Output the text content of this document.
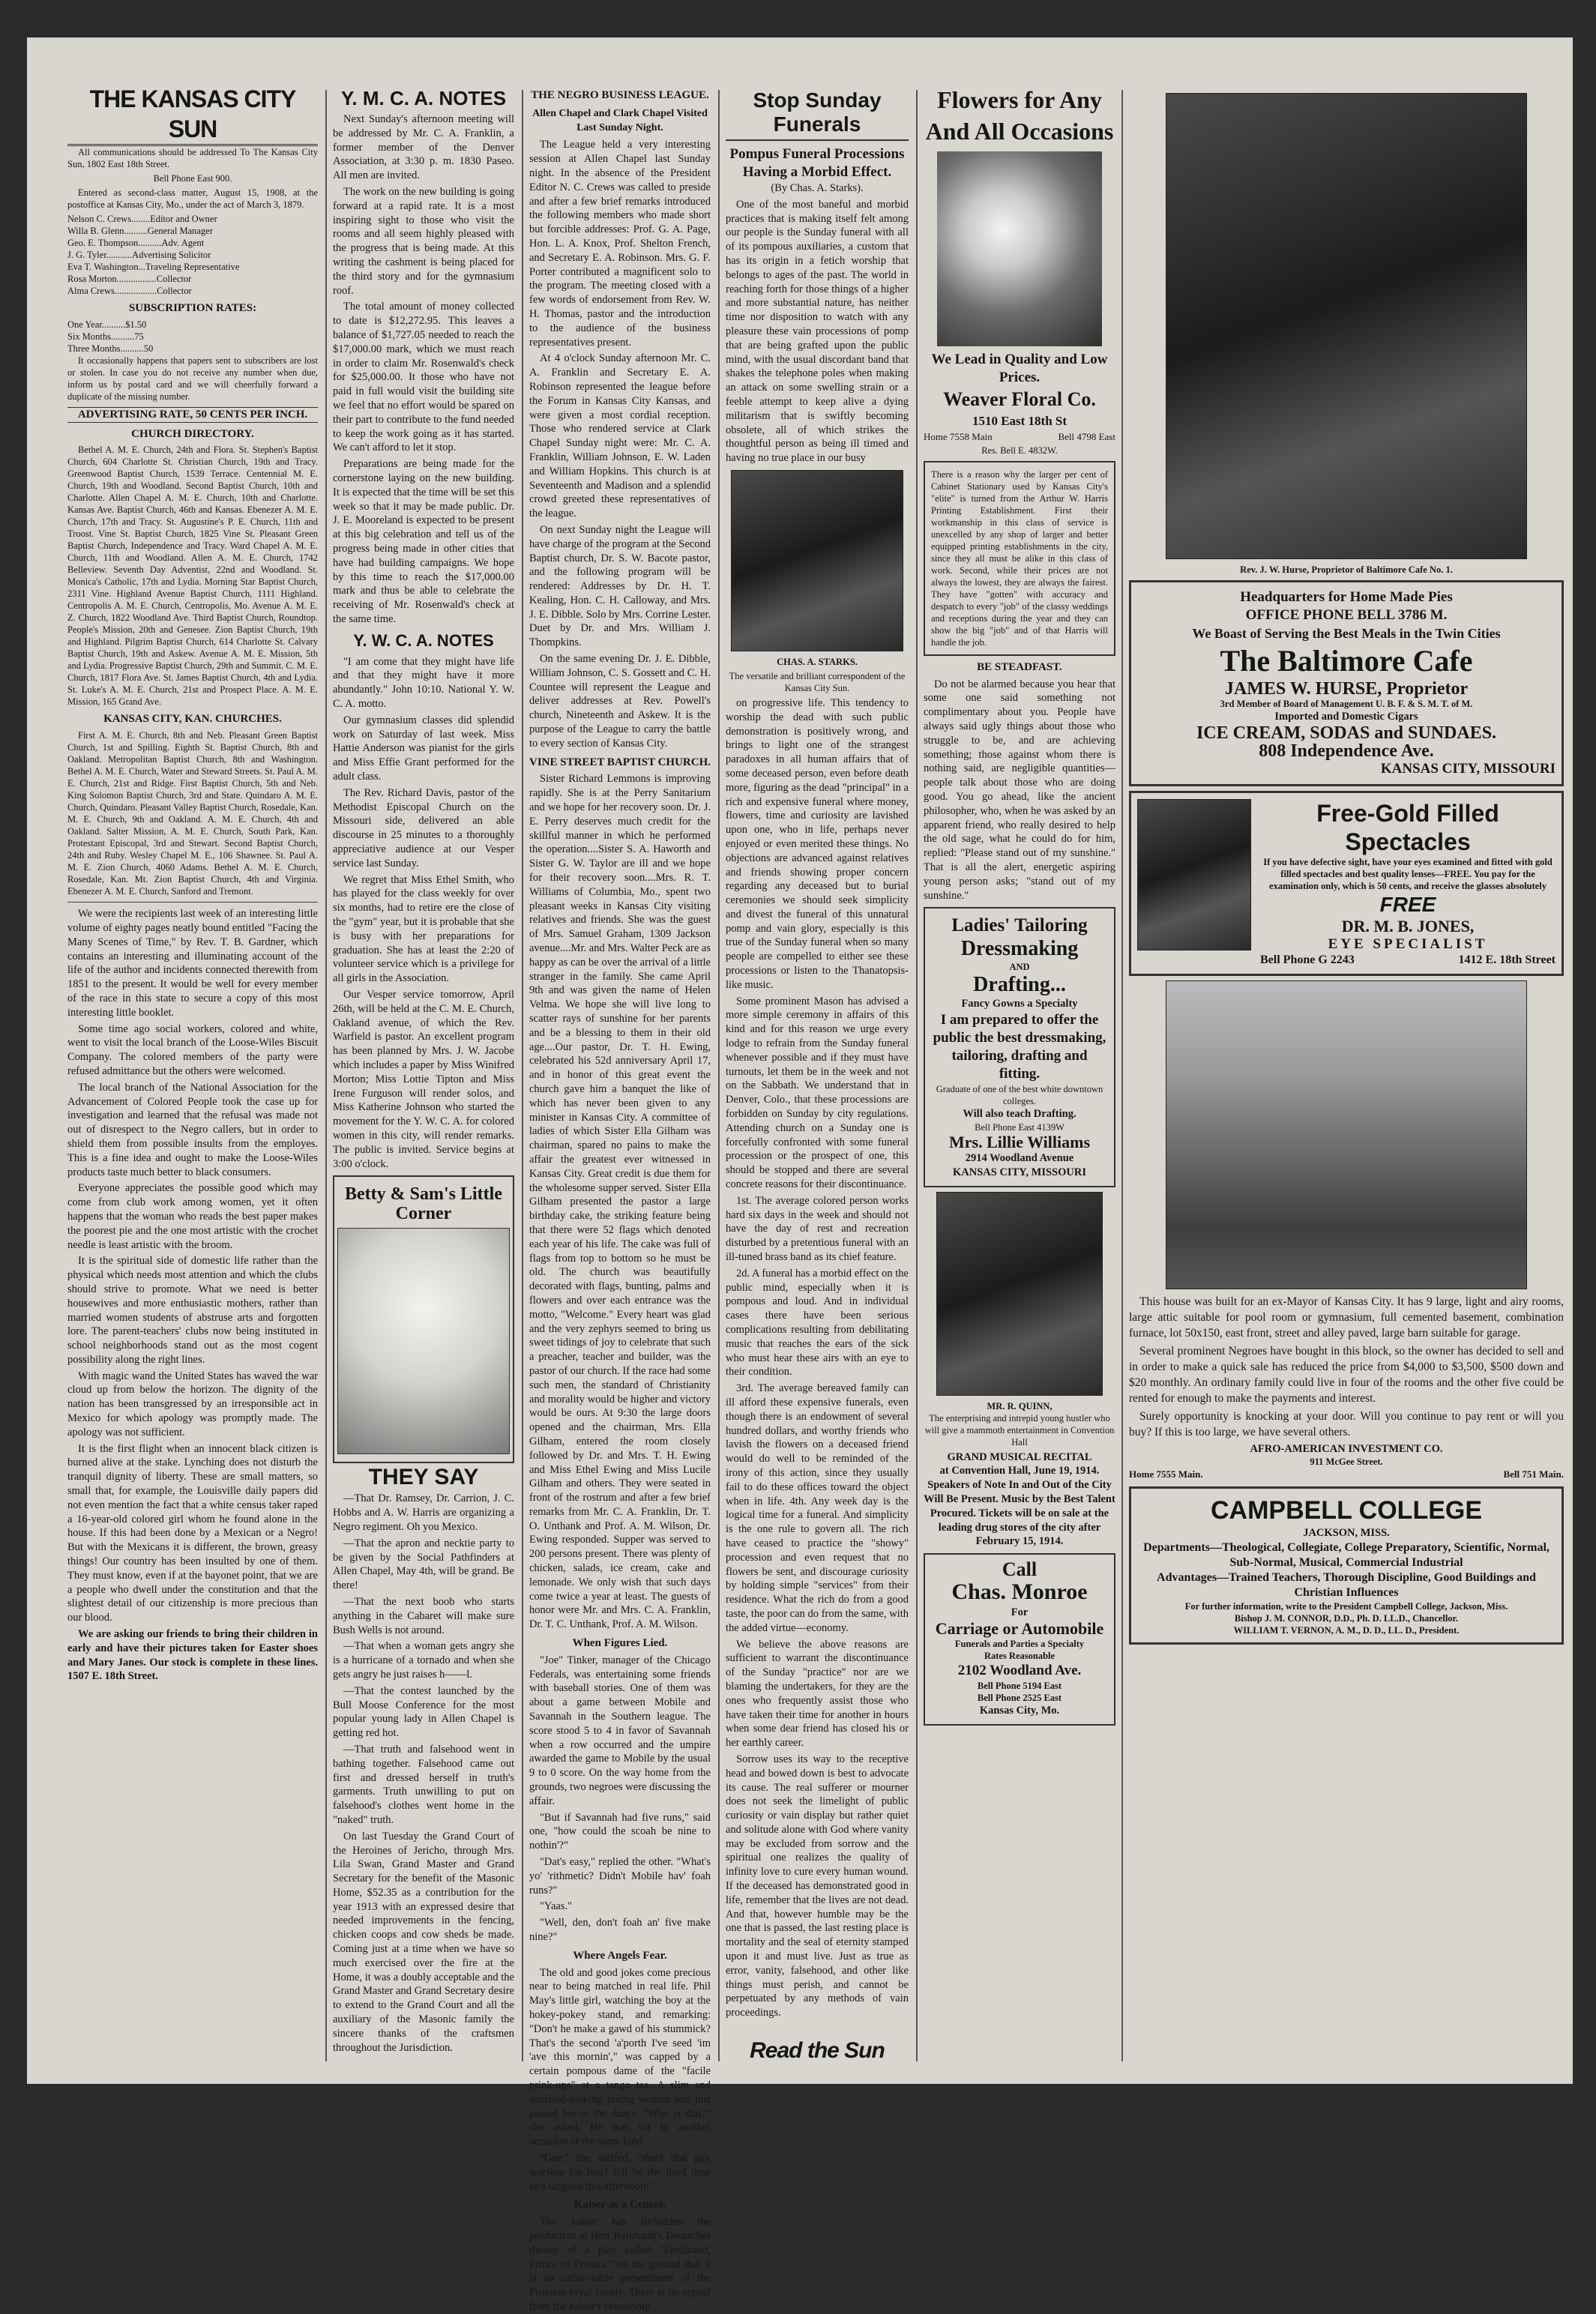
THE KANSAS CITY SUN

All communications should be addressed To The Kansas City Sun, 1802 East 18th Street.

Bell Phone East 900.

Entered as second-class matter, August 15, 1908, at the postoffice at Kansas City, Mo., under the act of March 3, 1879.

Nelson C. Crews........Editor and Owner
Willa B. Glenn..........General Manager
Geo. E. Thompson..........Adv. Agent
J. G. Tyler...........Advertising Solicitor
Eva T. Washington...Traveling Representative
Rosa Morton.................Collector
Alma Crews..................Collector
SUBSCRIPTION RATES:
One Year..........$1.50
Six Months..........75
Three Months..........50

It occasionally happens that papers sent to subscribers are lost or stolen. In case you do not receive any number when due, inform us by postal card and we will cheerfully forward a duplicate of the missing number.

ADVERTISING RATE, 50 CENTS PER INCH.
CHURCH DIRECTORY.

Bethel A. M. E. Church, 24th and Flora. St. Stephen's Baptist Church, 604 Charlotte St. Christian Church, 19th and Tracy. Greenwood Baptist Church, 1539 Terrace. Centennial M. E. Church, 19th and Woodland. Second Baptist Church, 10th and Charlotte. Allen Chapel A. M. E. Church, 10th and Charlotte. Kansas Ave. Baptist Church, 46th and Kansas. Ebenezer A. M. E. Church, 17th and Tracy. St. Augustine's P. E. Church, 11th and Troost. Vine St. Baptist Church, 1825 Vine St. Pleasant Green Baptist Church, Independence and Tracy. Ward Chapel A. M. E. Church, 11th and Woodland. Allen A. M. E. Church, 1742 Belleview. Seventh Day Adventist, 22nd and Woodland. St. Monica's Catholic, 17th and Lydia. Morning Star Baptist Church, 2311 Vine. Highland Avenue Baptist Church, 1111 Highland. Centropolis A. M. E. Church, Centropolis, Mo. Avenue A. M. E. Z. Church, 1822 Woodland Ave. Third Baptist Church, Roundtop. People's Mission, 20th and Genesee. Zion Baptist Church, 19th and Highland. Pilgrim Baptist Church, 614 Charlotte St. Calvary Baptist Church, 19th and Askew. Avenue A. M. E. Mission, 5th and Lydia. Progressive Baptist Church, 29th and Summit. C. M. E. Church, 1817 Flora Ave. St. James Baptist Church, 4th and Lydia. St. Luke's A. M. E. Church, 21st and Prospect Place. A. M. E. Mission, 165 Grand Ave.

KANSAS CITY, KAN. CHURCHES.

First A. M. E. Church, 8th and Neb. Pleasant Green Baptist Church, 1st and Spilling. Eighth St. Baptist Church, 8th and Oakland. Metropolitan Baptist Church, 8th and Washington. Bethel A. M. E. Church, Water and Steward Streets. St. Paul A. M. E. Church, 21st and Ridge. First Baptist Church, 5th and Neb. King Solomon Baptist Church, 3rd and State. Quindaro A. M. E. Church, Quindaro. Pleasant Valley Baptist Church, Rosedale, Kan. M. E. Church, 9th and Oakland. A. M. E. Church, 4th and Oakland. Salter Mission, A. M. E. Church, South Park, Kan. Protestant Episcopal, 3rd and Stewart. Second Baptist Church, 24th and Ruby. Wesley Chapel M. E., 106 Shawnee. St. Paul A. M. E. Zion Church, 4060 Adams. Bethel A. M. E. Church, Rosedale, Kan. Mt. Zion Baptist Church, 4th and Virginia. Ebenezer A. M. E. Church, Sanford and Tremont.

We were the recipients last week of an interesting little volume of eighty pages neatly bound entitled "Facing the Many Scenes of Time," by Rev. T. B. Gardner, which contains an interesting and illuminating account of the life of the author and incidents connected therewith from 1851 to the present. It would be well for every member of the race in this state to secure a copy of this most interesting little booklet.

Some time ago social workers, colored and white, went to visit the local branch of the Loose-Wiles Biscuit Company. The colored members of the party were refused admittance but the others were welcomed.

The local branch of the National Association for the Advancement of Colored People took the case up for investigation and learned that the refusal was made not out of disrespect to the Negro callers, but in order to shield them from possible insults from the employes. This is a fine idea and ought to make the Loose-Wiles products taste much better to black consumers.

Everyone appreciates the possible good which may come from club work among women, yet it often happens that the woman who reads the best paper makes the poorest pie and the one most artistic with the crochet needle is least artistic with the broom.

It is the spiritual side of domestic life rather than the physical which needs most attention and which the clubs should strive to promote. What we need is better housewives and more enthusiastic mothers, rather than married women students of abstruse arts and forgotten lore. The parent-teachers' clubs now being instituted in school neighborhoods stand out as the most cogent possibility along the right lines.

With magic wand the United States has waved the war cloud up from below the horizon. The dignity of the nation has been transgressed by an irresponsible act in Mexico for which apology was promptly made. The apology was not sufficient.

It is the first flight when an innocent black citizen is burned alive at the stake. Lynching does not disturb the tranquil dignity of liberty. These are small matters, so small that, for example, the Louisville daily papers did not even mention the fact that a white census taker raped a 16-year-old colored girl whom he found alone in the house. If this had been done by a Mexican or a Negro! But with the Mexicans it is different, the brown, greasy things! Our country has been insulted by one of them. They must know, even if at the bayonet point, that we are a people who dwell under the constitution and that the slightest detail of our citizenship is more precious than our blood.

We are asking our friends to bring their children in early and have their pictures taken for Easter shoes and Mary Janes. Our stock is complete in these lines. 1507 E. 18th Street.

Y. M. C. A. NOTES

Next Sunday's afternoon meeting will be addressed by Mr. C. A. Franklin, a former member of the Denver Association, at 3:30 p. m. 1830 Paseo. All men are invited.

The work on the new building is going forward at a rapid rate. It is a most inspiring sight to those who visit the rooms and all seem highly pleased with the progress that is being made. At this writing the cashment is being placed for the third story and for the gymnasium roof.

The total amount of money collected to date is $12,272.95. This leaves a balance of $1,727.05 needed to reach the $17,000.00 mark, which we must reach in order to claim Mr. Rosenwald's check for $25,000.00. It those who have not paid in full would visit the building site we feel that no effort would be spared on their part to contribute to the fund needed to keep the work going as it has started. We can't afford to let it stop.

Preparations are being made for the cornerstone laying on the new building. It is expected that the time will be set this week so that it may be made public. Dr. J. E. Mooreland is expected to be present at this big celebration and tell us of the progress being made in other cities that have had building campaigns. We hope by this time to reach the $17,000.00 mark and thus be able to celebrate the receiving of Mr. Rosenwald's check at the same time.

Y. W. C. A. NOTES

"I am come that they might have life and that they might have it more abundantly." John 10:10. National Y. W. C. A. motto.

Our gymnasium classes did splendid work on Saturday of last week. Miss Hattie Anderson was pianist for the girls and Miss Effie Grant performed for the adult class.

The Rev. Richard Davis, pastor of the Methodist Episcopal Church on the Missouri side, delivered an able discourse in 25 minutes to a thoroughly appreciative audience at our Vesper service last Sunday.

We regret that Miss Ethel Smith, who has played for the class weekly for over six months, had to retire ere the close of the "gym" year, but it is probable that she is busy with her preparations for graduation. She has at least the 2:20 of volunteer service which is a privilege for all girls in the Association.

Our Vesper service tomorrow, April 26th, will be held at the C. M. E. Church, Oakland avenue, of which the Rev. Warfield is pastor. An excellent program has been planned by Mrs. J. W. Jacobe which includes a paper by Miss Winifred Morton; Miss Lottie Tipton and Miss Irene Furguson will render solos, and Miss Katherine Johnson who started the movement for the Y. W. C. A. for colored women in this city, will render remarks. The public is invited. Service begins at 3:00 o'clock.

Betty & Sam's Little Corner
THEY SAY

—That Dr. Ramsey, Dr. Carrion, J. C. Hobbs and A. W. Harris are organizing a Negro regiment. Oh you Mexico.

—That the apron and necktie party to be given by the Social Pathfinders at Allen Chapel, May 4th, will be grand. Be there!

—That the next boob who starts anything in the Cabaret will make sure Bush Wells is not around.

—That when a woman gets angry she is a hurricane of a tornado and when she gets angry he just raises h——l.

—That the contest launched by the Bull Moose Conference for the most popular young lady in Allen Chapel is getting red hot.

—That truth and falsehood went in bathing together. Falsehood came out first and dressed herself in truth's garments. Truth unwilling to put on falsehood's clothes went home in the "naked" truth.

On last Tuesday the Grand Court of the Heroines of Jericho, through Mrs. Lila Swan, Grand Master and Grand Secretary for the benefit of the Masonic Home, $52.35 as a contribution for the year 1913 with an expressed desire that needed improvements in the fencing, chicken coops and cow sheds be made. Coming just at a time when we have so much exercised over the fire at the Home, it was a doubly acceptable and the Grand Master and Grand Secretary desire to extend to the Grand Court and all the auxiliary of the Masonic family the sincere thanks of the craftsmen throughout the Jurisdiction.

THE NEGRO BUSINESS LEAGUE.
Allen Chapel and Clark Chapel Visited Last Sunday Night.

The League held a very interesting session at Allen Chapel last Sunday night. In the absence of the President Editor N. C. Crews was called to preside and after a few brief remarks introduced the following members who made short but forcible addresses: Prof. G. A. Page, Hon. L. A. Knox, Prof. Shelton French, and Secretary E. A. Robinson. Mrs. G. F. Porter contributed a magnificent solo to the program. The meeting closed with a few words of endorsement from Rev. W. H. Thomas, pastor and the introduction to the audience of the business representatives present.

At 4 o'clock Sunday afternoon Mr. C. A. Franklin and Secretary E. A. Robinson represented the league before the Forum in Kansas City Kansas, and were given a most cordial reception. Those who rendered service at Clark Chapel Sunday night were: Mr. C. A. Franklin, William Johnson, E. W. Laden and William Hopkins. This church is at Seventeenth and Madison and a splendid crowd greeted these representatives of the league.

On next Sunday night the League will have charge of the program at the Second Baptist church, Dr. S. W. Bacote pastor, and the following program will be rendered: Addresses by Dr. H. T. Kealing, Hon. C. H. Calloway, and Mrs. J. E. Dibble. Solo by Mrs. Corrine Lester. Duet by Dr. and Mrs. William J. Thompkins.

On the same evening Dr. J. E. Dibble, William Johnson, C. S. Gossett and C. H. Countee will represent the League and deliver addresses at Rev. Powell's church, Nineteenth and Askew. It is the purpose of the League to carry the battle to every section of Kansas City.

VINE STREET BAPTIST CHURCH.

Sister Richard Lemmons is improving rapidly. She is at the Perry Sanitarium and we hope for her recovery soon. Dr. J. E. Perry deserves much credit for the skillful manner in which he performed the operation....Sister S. A. Haworth and Sister G. W. Taylor are ill and we hope for their recovery soon....Mrs. R. T. Williams of Columbia, Mo., spent two pleasant weeks in Kansas City visiting relatives and friends. She was the guest of Mrs. Samuel Graham, 1309 Jackson avenue....Mr. and Mrs. Walter Peck are as happy as can be over the arrival of a little stranger in the family. She came April 9th and was given the name of Helen Velma. We hope she will live long to scatter rays of sunshine for her parents and be a blessing to them in their old age....Our pastor, Dr. T. H. Ewing, celebrated his 52d anniversary April 17, and in honor of this great event the church gave him a banquet the like of which has never been given to any minister in Kansas City. A committee of ladies of which Sister Ella Gilham was chairman, spared no pains to make the affair the greatest ever witnessed in Kansas City. Great credit is due them for the wholesome supper served. Sister Ella Gilham presented the pastor a large birthday cake, the striking feature being that there were 52 flags which denoted each year of his life. The cake was full of flags from top to bottom so he must be old. The church was beautifully decorated with flags, bunting, palms and flowers and over each entrance was the motto, "Welcome." Every heart was glad and the very zephyrs seemed to bring us sweet tidings of joy to celebrate that such a preacher, teacher and builder, was the pastor of our church. If the race had some such men, the standard of Christianity and morality would be higher and victory would be ours. At 9:30 the large doors opened and the chairman, Mrs. Ella Gilham, entered the room closely followed by Dr. and Mrs. T. H. Ewing and Miss Ethel Ewing and Miss Lucile Gilham and others. They were seated in front of the rostrum and after a few brief remarks from Mr. C. A. Franklin, Dr. T. O. Unthank and Prof. A. M. Wilson, Dr. Ewing responded. Supper was served to 200 persons present. There was plenty of chicken, salads, ice cream, cake and lemonade. We only wish that such days come twice a year at least. The guests of honor were Mr. and Mrs. C. A. Franklin, Dr. T. C. Unthank, Prof. A. M. Wilson.

When Figures Lied.

"Joe" Tinker, manager of the Chicago Federals, was entertaining some friends with baseball stories. One of them was about a game between Mobile and Savannah in the Southern league. The score stood 5 to 4 in favor of Savannah when a row occurred and the umpire awarded the game to Mobile by the usual 9 to 0 score. On the way home from the grounds, two negroes were discussing the affair.

"But if Savannah had five runs," said one, "how could the scoah be nine to nothin'?"

"Dat's easy," replied the other. "What's yo' 'rithmetic? Didn't Mobile hav' foah runs?"

"Yaas."

"Well, den, don't foah an' five make nine?"

Where Angels Fear.

The old and good jokes come precious near to being matched in real life. Phil May's little girl, watching the boy at the hokey-pokey stand, and remarking: "Don't he make a gawd of his stummick? That's the second 'a'porth I've seed 'im 'ave this mornin'," was capped by a certain pompous dame of the "facile prink-ups" at a tango tea. A slim and satisfied-looking young woman had just passed her in the dance. "Who is that?" she asked. He was off to another occasion of the same kind.

"Gee," she sniffed, "don't that guy worship his feet? It'll be the third time he's tangoed this afternoon!"

Kaiser as a Censor.

The kaiser has forbidden the production at Herr Reinhardt's Deutsches theater of a play called "Ferdinand, Prince of Prussia," on the ground that it is an unfavorable presentment of the Prussian royal family. There is no appeal from the kaiser's censorship.

Stop Sunday Funerals
Pompus Funeral Processions Having a Morbid Effect.

(By Chas. A. Starks).

One of the most baneful and morbid practices that is making itself felt among our people is the Sunday funeral with all of its pompous auxiliaries, a custom that has its origin in a fetich worship that belongs to ages of the past. The world in reaching forth for those things of a higher and more substantial nature, has neither time nor disposition to watch with any pleasure these vain processions of pomp that are being grafted upon the public mind, with the usual discordant band that shakes the telephone poles when making an attack on some swelling strain or a feeble attempt to keep alive a dying militarism that is swiftly becoming obsolete, all of which strikes the thoughtful person as being ill timed and having no true place in our busy

CHAS. A. STARKS.

The versatile and brilliant correspondent of the Kansas City Sun.

on progressive life. This tendency to worship the dead with such public demonstration is positively wrong, and brings to light one of the strangest paradoxes in all human affairs that of some deceased person, even before death more, figuring as the dead "principal" in a rich and expensive funeral where money, flowers, time and curiosity are lavished upon one, who in life, perhaps never enjoyed or even merited these things. No objections are advanced against relatives and friends showing proper concern regarding any deceased but to burial ceremonies we should seek simplicity and divest the funeral of this unnatural pomp and vain glory, especially is this true of the Sunday funeral when so many people are compelled to either see these processions or listen to the Thanatopsis-like music.

Some prominent Mason has advised a more simple ceremony in affairs of this kind and for this reason we urge every lodge to refrain from the Sunday funeral whenever possible and if they must have turnouts, let them be in the week and not on the Sabbath. We understand that in Denver, Colo., that these processions are forbidden on Sunday by city regulations. Attending church on a Sunday one is forcefully confronted with some funeral procession or the prospect of one, this should be stopped and there are several concrete reasons for their discontinuance.

1st. The average colored person works hard six days in the week and should not have the day of rest and recreation disturbed by a pretentious funeral with an ill-tuned brass band as its chief feature.

2d. A funeral has a morbid effect on the public mind, especially when it is pompous and loud. And in individual cases there have been serious complications resulting from debilitating music that reaches the ears of the sick who must hear these airs with an eye to their condition.

3rd. The average bereaved family can ill afford these expensive funerals, even though there is an endowment of several hundred dollars, and worthy friends who lavish the flowers on a deceased friend would do well to be reminded of the irony of this action, since they usually fail to do these offices toward the object when in life. 4th. Any week day is the logical time for a funeral. And simplicity is the one rule to govern all. The rich have ceased to practice the "showy" procession and even request that no flowers be sent, and discourage curiosity by holding simple "services" from their residence. What the rich do from a good taste, the poor can do from the same, with the added virtue—economy.

We believe the above reasons are sufficient to warrant the discontinuance of the Sunday "practice" nor are we blaming the undertakers, for they are the ones who frequently assist those who have taken their time for another in hours when some dear friend has closed his or her earthly career.

Sorrow uses its way to the receptive head and bowed down is best to advocate its cause. The real sufferer or mourner does not seek the limelight of public curiosity or vain display but rather quiet and solitude alone with God where vanity may be excluded from sorrow and the spiritual one realizes the quality of infinity love to cure every human wound. If the deceased has demonstrated good in life, remember that the lives are not dead. And that, however humble may be the one that is passed, the last resting place is mortality and the seal of eternity stamped upon it and must live. Just as true as error, vanity, falsehood, and other like things must perish, and cannot be perpetuated by any methods of vain proceedings.

Read the Sun
Flowers for Any And All Occasions
We Lead in Quality and Low Prices.
Weaver Floral Co.
1510 East 18th St
Home 7558 Main	Bell 4798 East
Res. Bell E. 4832W.
There is a reason why the larger per cent of Cabinet Stationary used by Kansas City's "elite" is turned from the Arthur W. Harris Printing Establishment. First their workmanship in this class of service is unexcelled by any shop of larger and better equipped printing establishments in the city, since they all must be alike in this class of work. Second, while their prices are not always the lowest, they are always the fairest. They have "gotten" with accuracy and despatch to every "job" of the classy weddings and receptions during the year and they can show the big "job" and of that Harris will handle the job.
BE STEADFAST.

Do not be alarmed because you hear that some one said something not complimentary about you. People have always said ugly things about those who struggle to be, and are achieving something; those against whom there is nothing said, are negligible quantities—people talk about those who are doing good. You go ahead, like the ancient philosopher, who, when he was asked by an apparent friend, who really desired to help the old sage, what he could do for him, replied: "Please stand out of my sunshine." That is all the alert, energetic aspiring young person asks; "stand out of my sunshine."

Ladies' Tailoring
Dressmaking
AND
Drafting...
Fancy Gowns a Specialty
I am prepared to offer the public the best dressmaking, tailoring, drafting and fitting.
Graduate of one of the best white downtown colleges.
Will also teach Drafting.
Bell Phone East 4139W
Mrs. Lillie Williams
2914 Woodland Avenue
KANSAS CITY, MISSOURI
MR. R. QUINN,

The enterprising and intrepid young hustler who will give a mammoth entertainment in Convention Hall

GRAND MUSICAL RECITAL

at Convention Hall, June 19, 1914. Speakers of Note In and Out of the City Will Be Present. Music by the Best Talent Procured. Tickets will be on sale at the leading drug stores of the city after February 15, 1914.

Call
Chas. Monroe
For
Carriage or Automobile
Funerals and Parties a Specialty
Rates Reasonable
2102 Woodland Ave.
Bell Phone 5194 East
Bell Phone 2525 East
Kansas City, Mo.
Rev. J. W. Hurse, Proprietor of Baltimore Cafe No. 1.
Headquarters for Home Made Pies
OFFICE PHONE BELL 3786 M.
We Boast of Serving the Best Meals in the Twin Cities
The Baltimore Cafe
JAMES W. HURSE, Proprietor
3rd Member of Board of Management U. B. F. & S. M. T. of M.
Imported and Domestic Cigars
ICE CREAM, SODAS and SUNDAES.
808 Independence Ave.
KANSAS CITY, MISSOURI
Free-Gold Filled Spectacles
If you have defective sight, have your eyes examined and fitted with gold filled spectacles and best quality lenses—FREE. You pay for the examination only, which is 50 cents, and receive the glasses absolutely
FREE
DR. M. B. JONES,
EYE SPECIALIST
Bell Phone G 2243	1412 E. 18th Street

This house was built for an ex-Mayor of Kansas City. It has 9 large, light and airy rooms, large attic suitable for pool room or gymnasium, full cemented basement, combination furnace, lot 50x150, east front, street and alley paved, large barn suitable for garage.

Several prominent Negroes have bought in this block, so the owner has decided to sell and in order to make a quick sale has reduced the price from $4,000 to $3,500, $500 down and $20 monthly. An ordinary family could live in four of the rooms and the other five could be rented for enough to make the payments and interest.

Surely opportunity is knocking at your door. Will you continue to pay rent or will you buy? If this is too large, we have several others.

AFRO-AMERICAN INVESTMENT CO.
911 McGee Street.
Home 7555 Main.	Bell 751 Main.
CAMPBELL COLLEGE
JACKSON, MISS.
Departments—Theological, Collegiate, College Preparatory, Scientific, Normal, Sub-Normal, Musical, Commercial Industrial
Advantages—Trained Teachers, Thorough Discipline, Good Buildings and Christian Influences
For further information, write to the President Campbell College, Jackson, Miss.
Bishop J. M. CONNOR, D.D., Ph. D. LL.D., Chancellor.
WILLIAM T. VERNON, A. M., D. D., LL. D., President.
